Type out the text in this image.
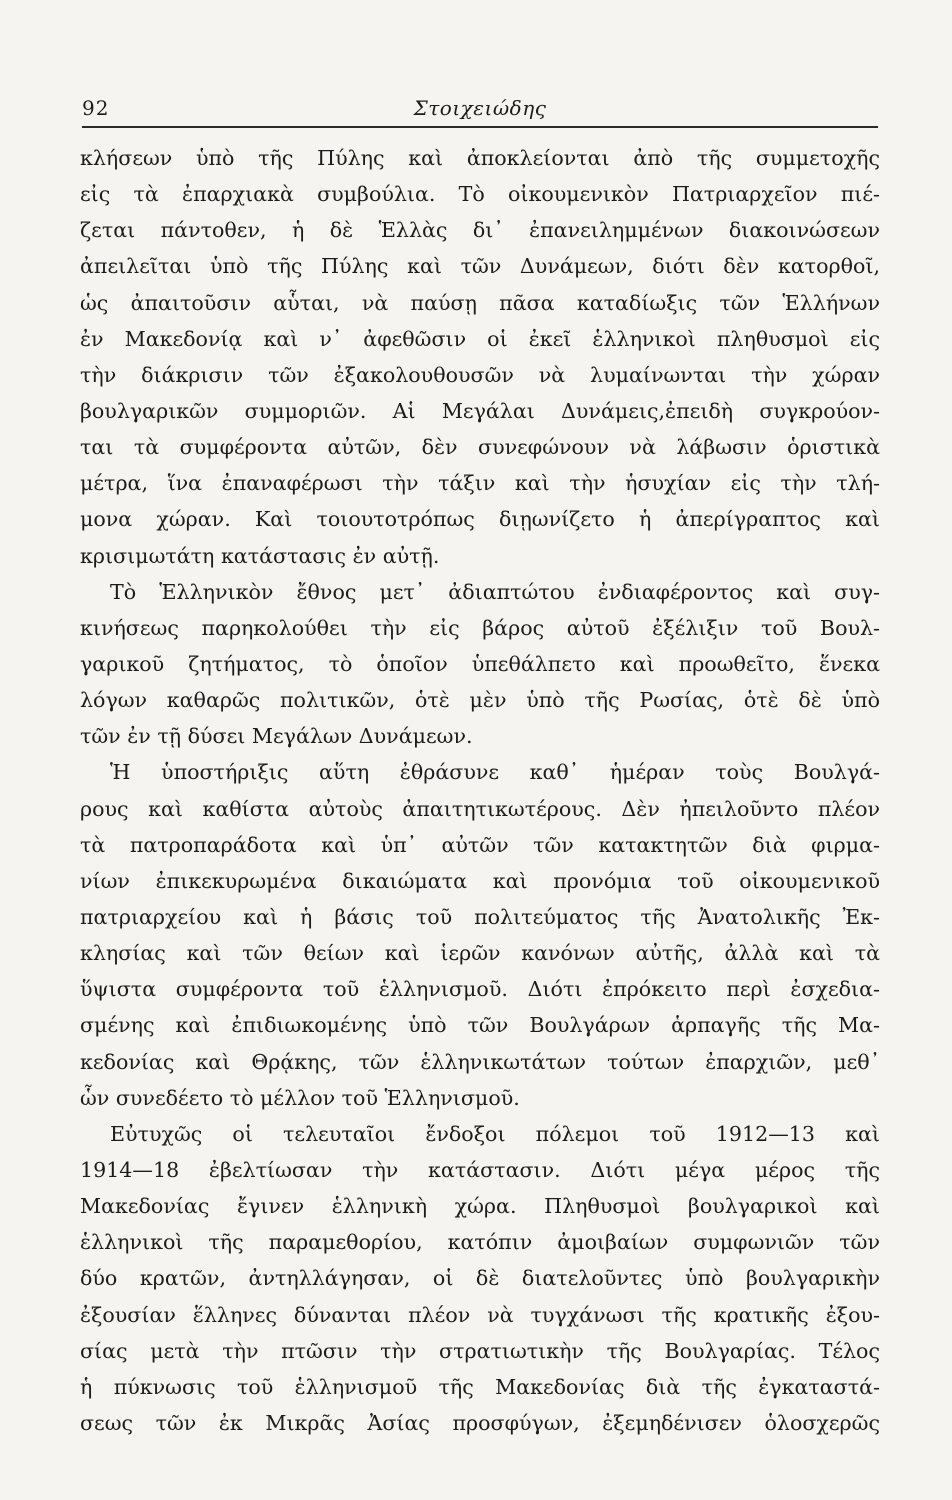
92	Στοιχειώδης
κλήσεων ὑπὸ τῆς Πύλης καὶ ἀποκλείονται ἀπὸ τῆς συμμετοχῆς
εἰς τὰ ἐπαρχιακὰ συμβούλια. Τὸ οἰκουμενικὸν Πατριαρχεῖον πιέ-
ζεται πάντοθεν, ἡ δὲ Ἑλλὰς δι᾿ ἐπανειλημμένων διακοινώσεων
ἀπειλεῖται ὑπὸ τῆς Πύλης καὶ τῶν Δυνάμεων, διότι δὲν κατορθοῖ,
ὡς ἀπαιτοῦσιν αὗται, νὰ παύσῃ πᾶσα καταδίωξις τῶν Ἑλλήνων
ἐν Μακεδονίᾳ καὶ ν᾿ ἀφεθῶσιν οἱ ἐκεῖ ἑλληνικοὶ πληθυσμοὶ εἰς
τὴν διάκρισιν τῶν ἐξακολουθουσῶν νὰ λυμαίνωνται τὴν χώραν
βουλγαρικῶν συμμοριῶν. Αἱ Μεγάλαι Δυνάμεις,ἐπειδὴ συγκρούον-
ται τὰ συμφέροντα αὐτῶν, δὲν συνεφώνουν νὰ λάβωσιν ὁριστικὰ
μέτρα, ἵνα ἐπαναφέρωσι τὴν τάξιν καὶ τὴν ἡσυχίαν εἰς τὴν τλή-
μονα χώραν. Καὶ τοιουτοτρόπως διῃωνίζετο ἡ ἀπερίγραπτος καὶ
κρισιμωτάτη κατάστασις ἐν αὐτῇ.
Τὸ Ἑλληνικὸν ἔθνος μετ᾿ ἀδιαπτώτου ἐνδιαφέροντος καὶ συγ-
κινήσεως παρηκολούθει τὴν εἰς βάρος αὐτοῦ ἐξέλιξιν τοῦ Βουλ-
γαρικοῦ ζητήματος, τὸ ὁποῖον ὑπεθάλπετο καὶ προωθεῖτο, ἕνεκα
λόγων καθαρῶς πολιτικῶν, ὁτὲ μὲν ὑπὸ τῆς Ρωσίας, ὁτὲ δὲ ὑπὸ
τῶν ἐν τῇ δύσει Μεγάλων Δυνάμεων.
Ἡ ὑποστήριξις αὕτη ἐθράσυνε καθ᾿ ἡμέραν τοὺς Βουλγά-
ρους καὶ καθίστα αὐτοὺς ἀπαιτητικωτέρους. Δὲν ἠπειλοῦντο πλέον
τὰ πατροπαράδοτα καὶ ὑπ᾿ αὐτῶν τῶν κατακτητῶν διὰ φιρμα-
νίων ἐπικεκυρωμένα δικαιώματα καὶ προνόμια τοῦ οἰκουμενικοῦ
πατριαρχείου καὶ ἡ βάσις τοῦ πολιτεύματος τῆς Ἀνατολικῆς Ἐκ-
κλησίας καὶ τῶν θείων καὶ ἱερῶν κανόνων αὐτῆς, ἀλλὰ καὶ τὰ
ὕψιστα συμφέροντα τοῦ ἑλληνισμοῦ. Διότι ἐπρόκειτο περὶ ἐσχεδια-
σμένης καὶ ἐπιδιωκομένης ὑπὸ τῶν Βουλγάρων ἁρπαγῆς τῆς Μα-
κεδονίας καὶ Θρᾴκης, τῶν ἑλληνικωτάτων τούτων ἐπαρχιῶν, μεθ᾿
ὧν συνεδέετο τὸ μέλλον τοῦ Ἑλληνισμοῦ.
Εὐτυχῶς οἱ τελευταῖοι ἔνδοξοι πόλεμοι τοῦ 1912—13 καὶ
1914—18 ἐβελτίωσαν τὴν κατάστασιν. Διότι μέγα μέρος τῆς
Μακεδονίας ἔγινεν ἑλληνικὴ χώρα. Πληθυσμοὶ βουλγαρικοὶ καὶ
ἑλληνικοὶ τῆς παραμεθορίου, κατόπιν ἀμοιβαίων συμφωνιῶν τῶν
δύο κρατῶν, ἀντηλλάγησαν, οἱ δὲ διατελοῦντες ὑπὸ βουλγαρικὴν
ἐξουσίαν ἕλληνες δύνανται πλέον νὰ τυγχάνωσι τῆς κρατικῆς ἐξου-
σίας μετὰ τὴν πτῶσιν τὴν στρατιωτικὴν τῆς Βουλγαρίας. Τέλος
ἡ πύκνωσις τοῦ ἑλληνισμοῦ τῆς Μακεδονίας διὰ τῆς ἐγκαταστά-
σεως τῶν ἐκ Μικρᾶς Ἀσίας προσφύγων, ἐξεμηδένισεν ὁλοσχερῶς
